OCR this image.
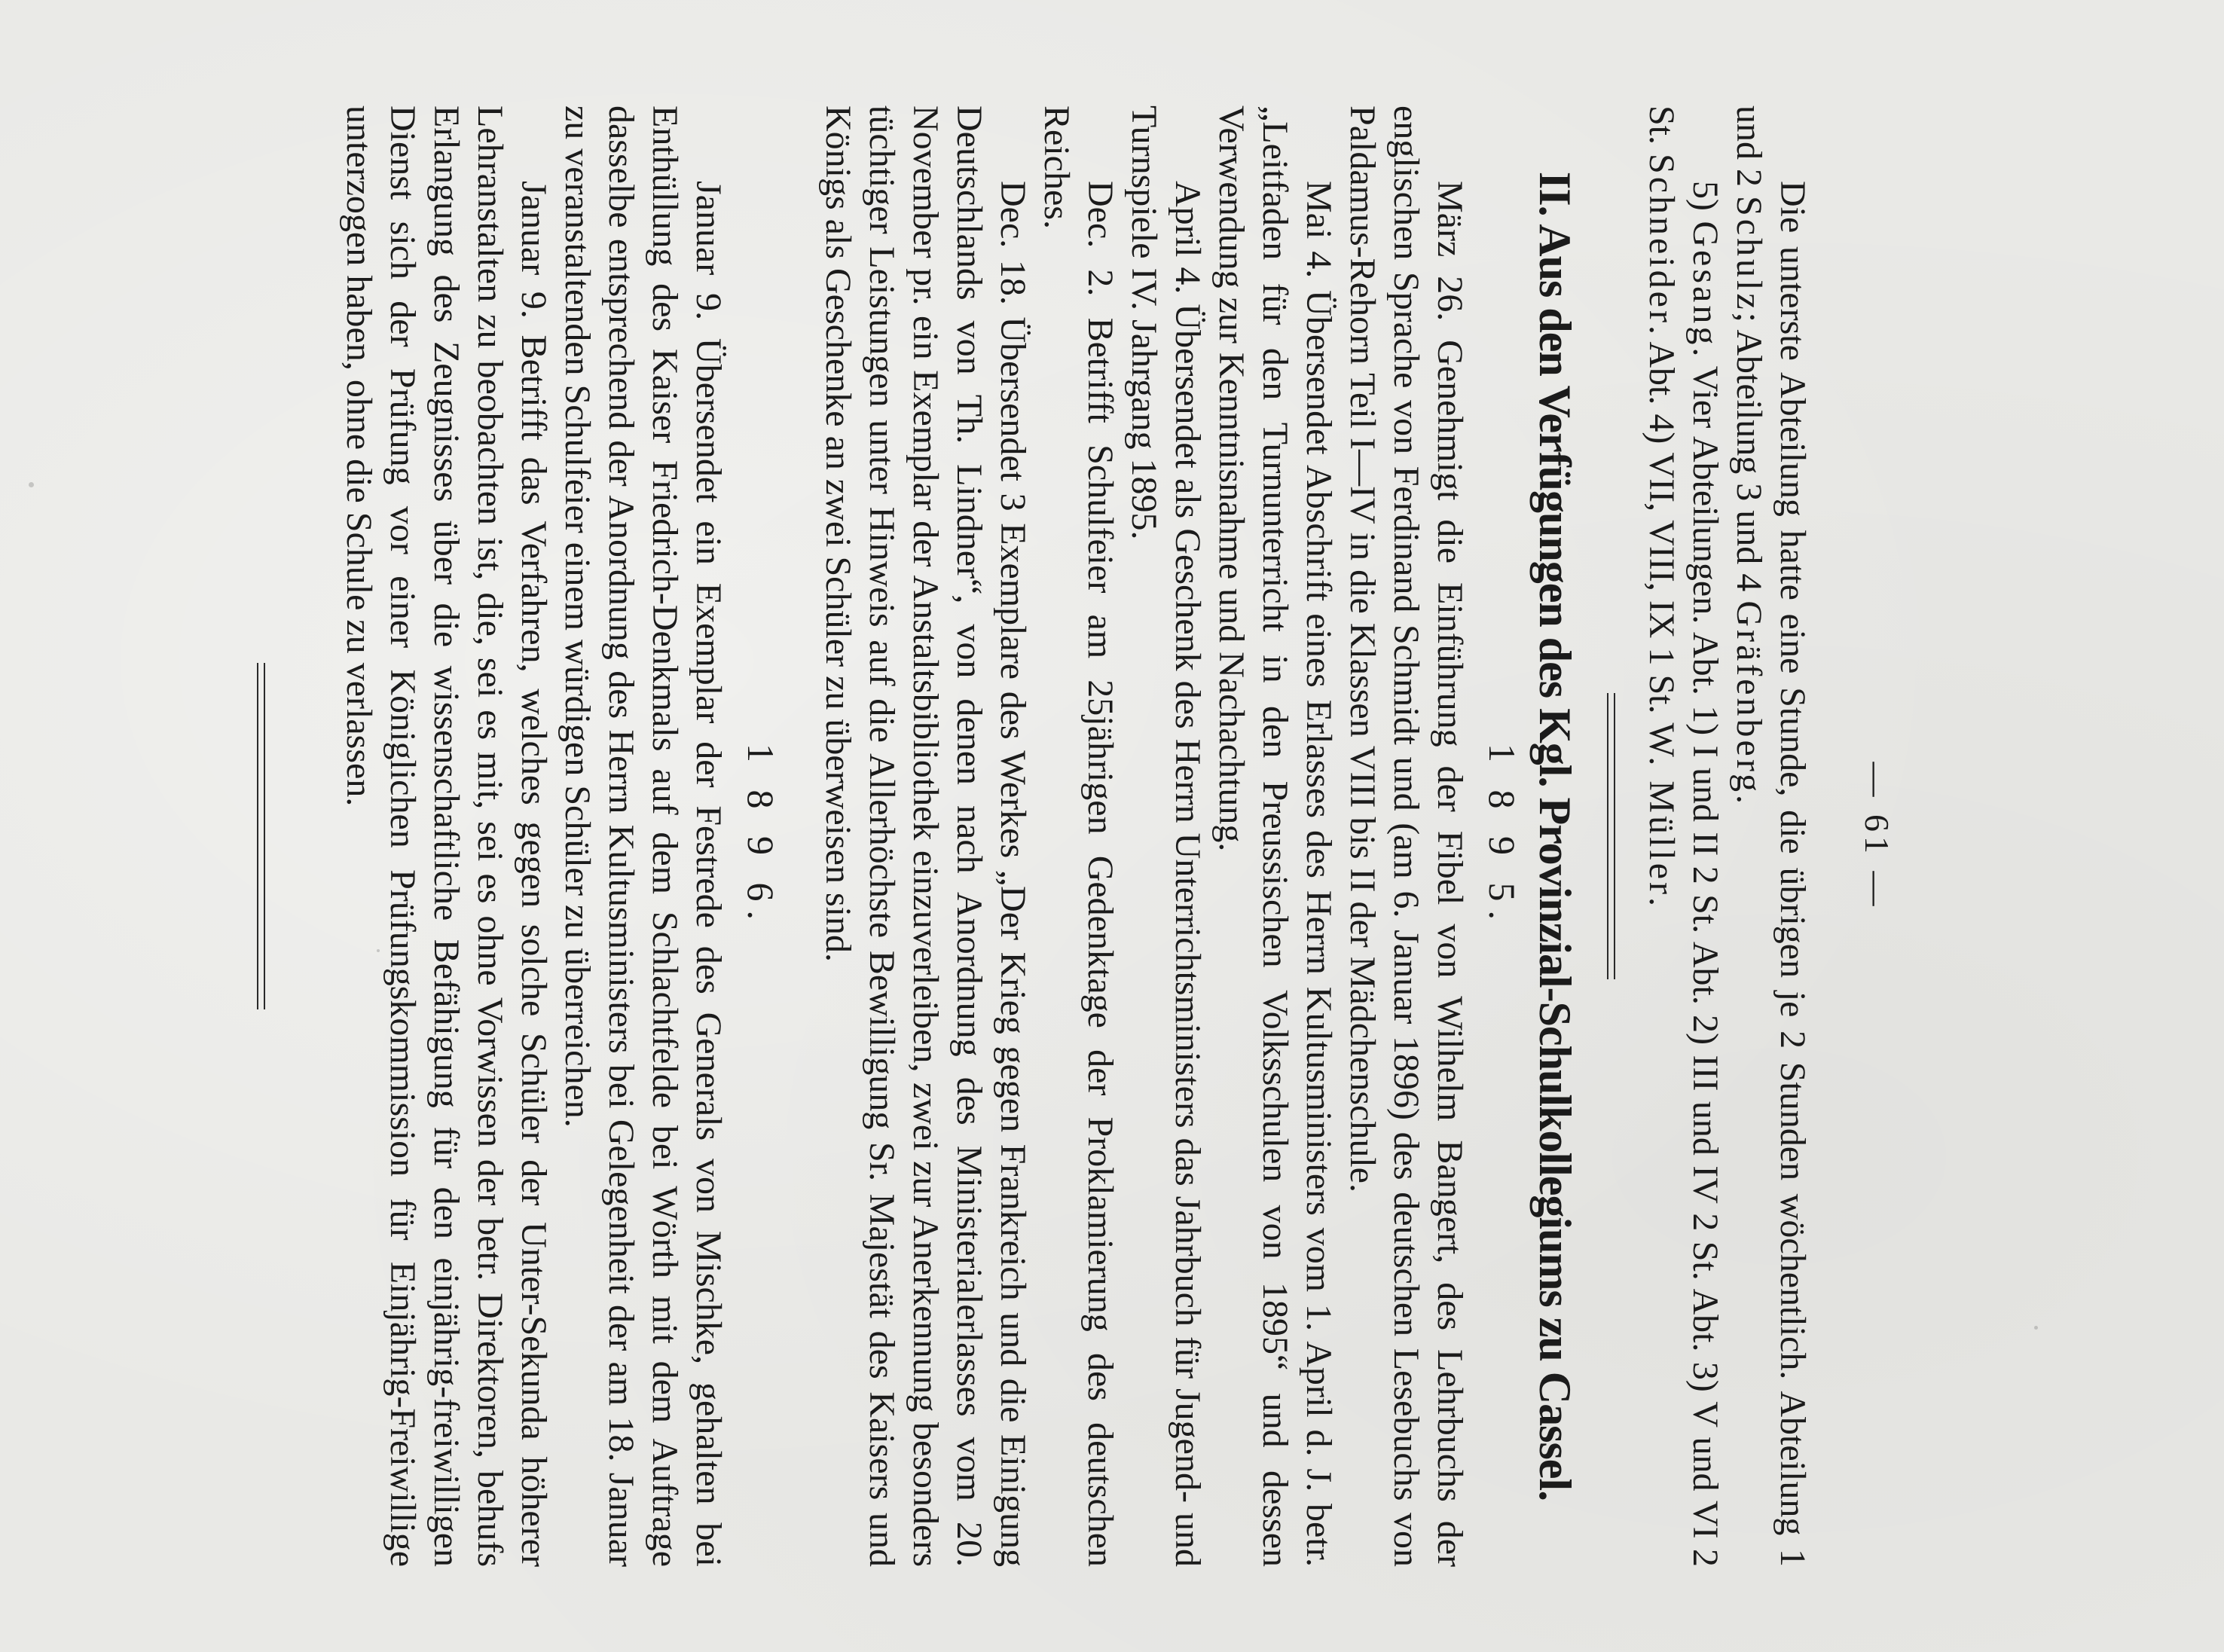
— 61 —

Die unterste Abteilung hatte eine Stunde, die übrigen je 2 Stunden wöchentlich. Abteilung 1 und 2 Schulz; Abteilung 3 und 4 Gräfenberg.

5) Gesang. Vier Abteilungen. Abt. 1) I und II 2 St. Abt. 2) III und IV 2 St. Abt. 3) V und VI 2 St. Schneider. Abt. 4) VII, VIII, IX 1 St. W. Müller.

II. Aus den Verfügungen des Kgl. Provinzial-Schulkollegiums zu Cassel.
1 8 9 5.

März 26. Genehmigt die Einführung der Fibel von Wilhelm Bangert, des Lehrbuchs der englischen Sprache von Ferdinand Schmidt und (am 6. Januar 1896) des deutschen Lesebuchs von Paldamus-Rehorn Teil I—IV in die Klassen VIII bis II der Mädchenschule.

Mai 4. Übersendet Abschrift eines Erlasses des Herrn Kultusministers vom 1. April d. J. betr. „Leitfaden für den Turnunterricht in den Preussischen Volksschulen von 1895“ und dessen Verwendung zur Kenntnisnahme und Nachachtung.

April 4. Übersendet als Geschenk des Herrn Unterrichtsministers das Jahrbuch für Jugend- und Turnspiele IV. Jahrgang 1895.

Dec. 2. Betrifft Schulfeier am 25jährigen Gedenktage der Proklamierung des deutschen Reiches.

Dec. 18. Übersendet 3 Exemplare des Werkes „Der Krieg gegen Frankreich und die Einigung Deutschlands von Th. Lindner“, von denen nach Anordnung des Ministerialerlasses vom 20. November pr. ein Exemplar der Anstaltsbibliothek einzuverleiben, zwei zur Anerkennung besonders tüchtiger Leistungen unter Hinweis auf die Allerhöchste Bewilligung Sr. Majestät des Kaisers und Königs als Geschenke an zwei Schüler zu überweisen sind.

1 8 9 6.

Januar 9. Übersendet ein Exemplar der Festrede des Generals von Mischke, gehalten bei Enthüllung des Kaiser Friedrich-Denkmals auf dem Schlachtfelde bei Wörth mit dem Auftrage dasselbe entsprechend der Anordnung des Herrn Kultusministers bei Gelegenheit der am 18. Januar zu veranstaltenden Schulfeier einem würdigen Schüler zu überreichen.

Januar 9. Betrifft das Verfahren, welches gegen solche Schüler der Unter-Sekunda höherer Lehranstalten zu beobachten ist, die, sei es mit, sei es ohne Vorwissen der betr. Direktoren, behufs Erlangung des Zeugnisses über die wissenschaftliche Befähigung für den einjährig-freiwilligen Dienst sich der Prüfung vor einer Königlichen Prüfungskommission für Einjährig-Freiwillige unterzogen haben, ohne die Schule zu verlassen.
